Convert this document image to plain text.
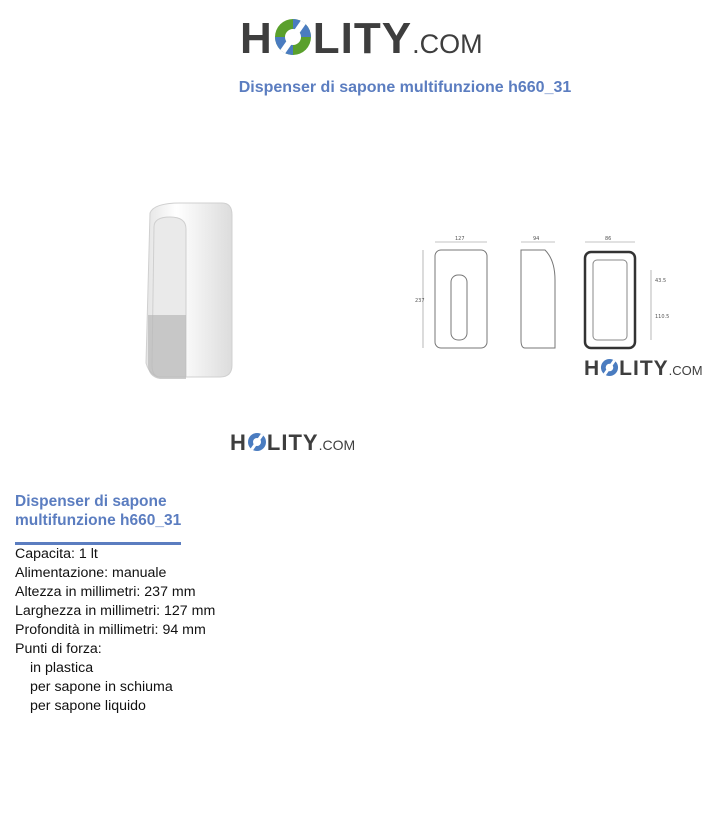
H LITY .COM
Dispenser di sapone multifunzione h660_31
H LITY .COM
127
237
94	86
43.5
110.5
H LITY .COM
Dispenser di sapone multifunzione h660_31
Capacita: 1 lt
Alimentazione: manuale
Altezza in millimetri: 237 mm
Larghezza in millimetri: 127 mm
Profondità in millimetri: 94 mm
Punti di forza:
in plastica
per sapone in schiuma
per sapone liquido
